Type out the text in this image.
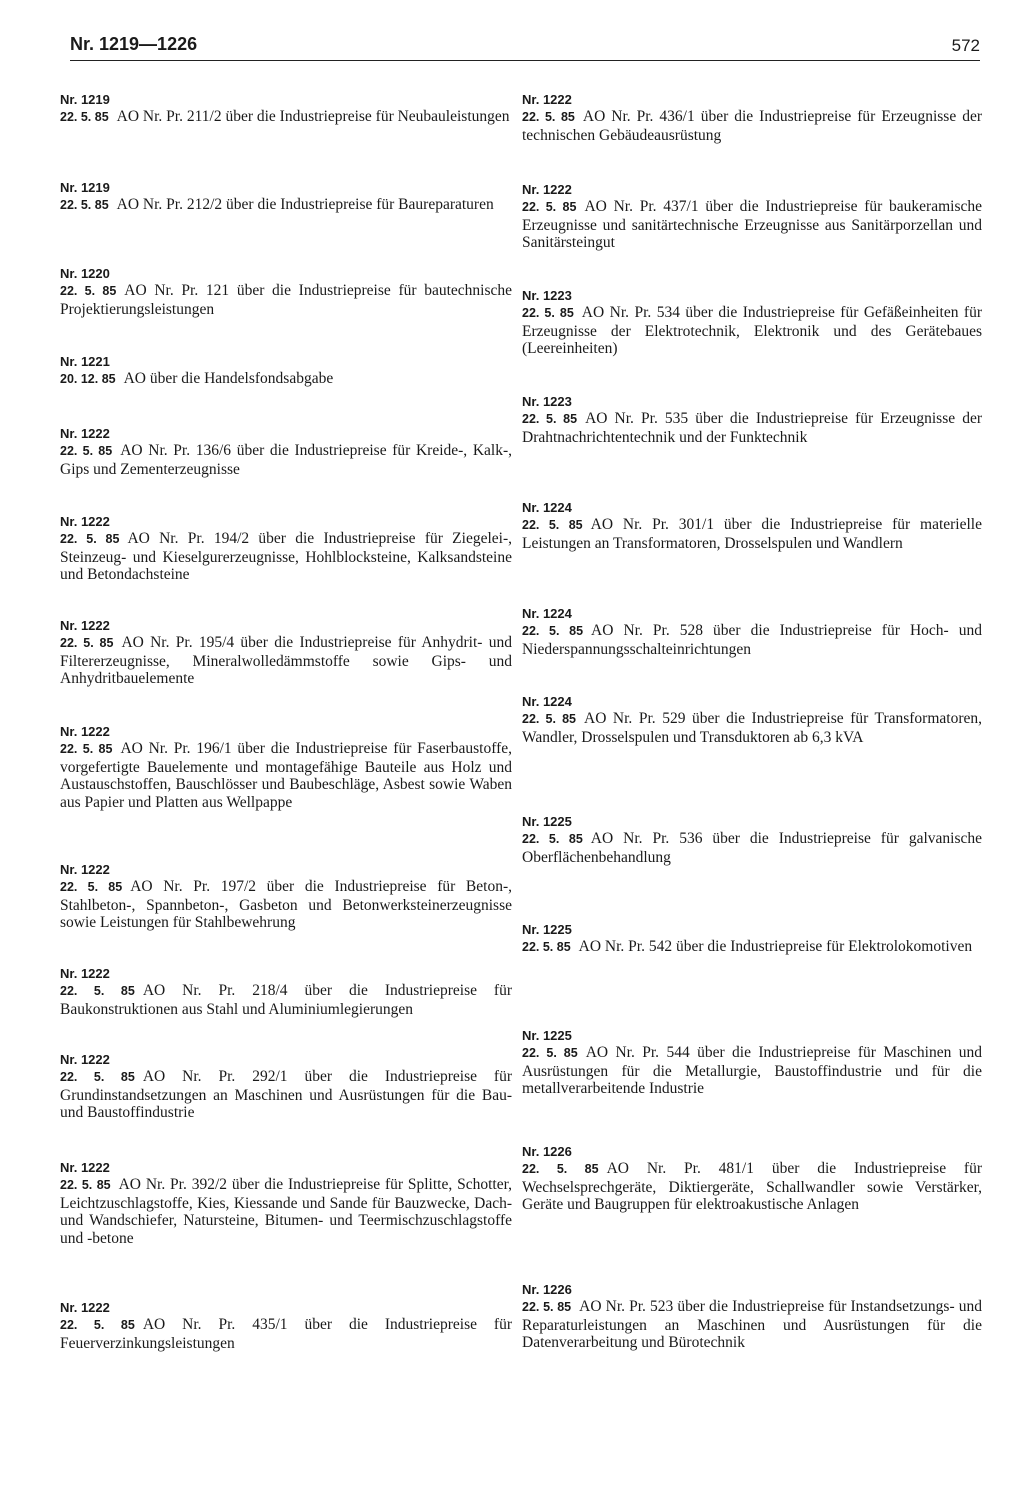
Nr. 1219—1226	572
Nr. 1219

22. 5. 85 AO Nr. Pr. 211/2 über die Industriepreise für Neubauleistungen

Nr. 1219

22. 5. 85 AO Nr. Pr. 212/2 über die Industriepreise für Baureparaturen

Nr. 1220

22. 5. 85 AO Nr. Pr. 121 über die Industriepreise für bautechnische Projektierungsleistungen

Nr. 1221

20. 12. 85 AO über die Handelsfondsabgabe

Nr. 1222

22. 5. 85 AO Nr. Pr. 136/6 über die Industriepreise für Kreide-, Kalk-, Gips und Zementerzeugnisse

Nr. 1222

22. 5. 85 AO Nr. Pr. 194/2 über die Industriepreise für Ziegelei-, Steinzeug- und Kieselgurerzeugnisse, Hohlblocksteine, Kalksandsteine und Betondachsteine

Nr. 1222

22. 5. 85 AO Nr. Pr. 195/4 über die Industriepreise für Anhydrit- und Filtererzeugnisse, Mineralwolledämmstoffe sowie Gips- und Anhydritbauelemente

Nr. 1222

22. 5. 85 AO Nr. Pr. 196/1 über die Industriepreise für Faserbaustoffe, vorgefertigte Bauelemente und montagefähige Bauteile aus Holz und Austauschstoffen, Bauschlösser und Baubeschläge, Asbest sowie Waben aus Papier und Platten aus Wellpappe

Nr. 1222

22. 5. 85 AO Nr. Pr. 197/2 über die Industriepreise für Beton-, Stahlbeton-, Spannbeton-, Gasbeton und Betonwerksteinerzeugnisse sowie Leistungen für Stahlbewehrung

Nr. 1222

22. 5. 85 AO Nr. Pr. 218/4 über die Industriepreise für Baukonstruktionen aus Stahl und Aluminiumlegierungen

Nr. 1222

22. 5. 85 AO Nr. Pr. 292/1 über die Industriepreise für Grundinstandsetzungen an Maschinen und Ausrüstungen für die Bau- und Baustoffindustrie

Nr. 1222

22. 5. 85 AO Nr. Pr. 392/2 über die Industriepreise für Splitte, Schotter, Leichtzuschlagstoffe, Kies, Kiessande und Sande für Bauzwecke, Dach- und Wandschiefer, Natursteine, Bitumen- und Teermischzuschlagstoffe und -betone

Nr. 1222

22. 5. 85 AO Nr. Pr. 435/1 über die Industriepreise für Feuerverzinkungsleistungen

Nr. 1222

22. 5. 85 AO Nr. Pr. 436/1 über die Industriepreise für Erzeugnisse der technischen Gebäudeausrüstung

Nr. 1222

22. 5. 85 AO Nr. Pr. 437/1 über die Industriepreise für baukeramische Erzeugnisse und sanitärtechnische Erzeugnisse aus Sanitärporzellan und Sanitärsteingut

Nr. 1223

22. 5. 85 AO Nr. Pr. 534 über die Industriepreise für Gefäßeinheiten für Erzeugnisse der Elektrotechnik, Elektronik und des Gerätebaues (Leereinheiten)

Nr. 1223

22. 5. 85 AO Nr. Pr. 535 über die Industriepreise für Erzeugnisse der Drahtnachrichtentechnik und der Funktechnik

Nr. 1224

22. 5. 85 AO Nr. Pr. 301/1 über die Industriepreise für materielle Leistungen an Transformatoren, Drosselspulen und Wandlern

Nr. 1224

22. 5. 85 AO Nr. Pr. 528 über die Industriepreise für Hoch- und Niederspannungsschalteinrichtungen

Nr. 1224

22. 5. 85 AO Nr. Pr. 529 über die Industriepreise für Transformatoren, Wandler, Drosselspulen und Transduktoren ab 6,3 kVA

Nr. 1225

22. 5. 85 AO Nr. Pr. 536 über die Industriepreise für galvanische Oberflächenbehandlung

Nr. 1225

22. 5. 85 AO Nr. Pr. 542 über die Industriepreise für Elektrolokomotiven

Nr. 1225

22. 5. 85 AO Nr. Pr. 544 über die Industriepreise für Maschinen und Ausrüstungen für die Metallurgie, Baustoffindustrie und für die metallverarbeitende Industrie

Nr. 1226

22. 5. 85 AO Nr. Pr. 481/1 über die Industriepreise für Wechselsprechgeräte, Diktiergeräte, Schallwandler sowie Verstärker, Geräte und Baugruppen für elektroakustische Anlagen

Nr. 1226

22. 5. 85 AO Nr. Pr. 523 über die Industriepreise für Instandsetzungs- und Reparaturleistungen an Maschinen und Ausrüstungen für die Datenverarbeitung und Bürotechnik
